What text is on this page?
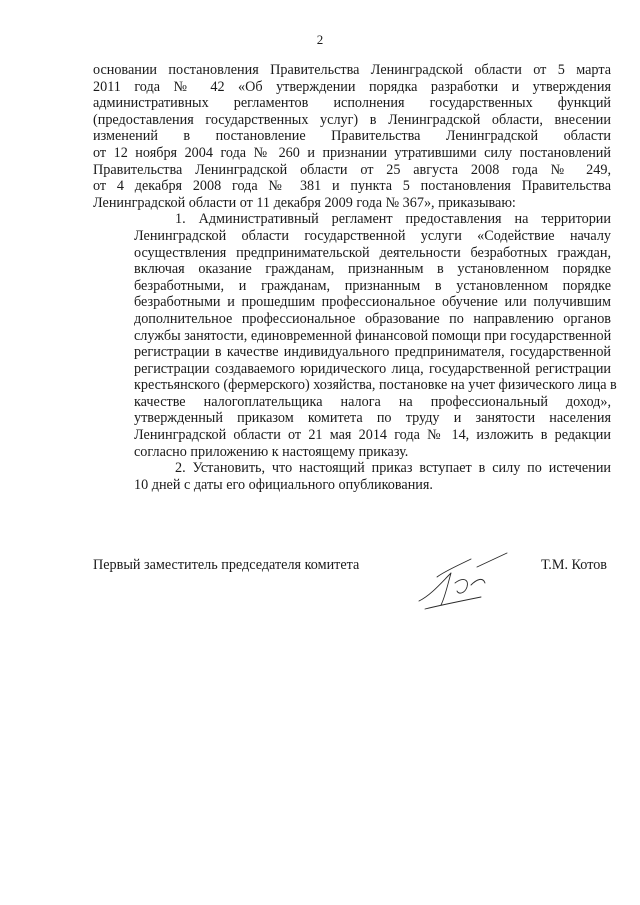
2

основании постановления Правительства Ленинградской области от 5 марта
2011 года № 42 «Об утверждении порядка разработки и утверждения
административных регламентов исполнения государственных функций
(предоставления государственных услуг) в Ленинградской области, внесении
изменений в постановление Правительства Ленинградской области
от 12 ноября 2004 года № 260 и признании утратившими силу постановлений
Правительства Ленинградской области от 25 августа 2008 года № 249,
от 4 декабря 2008 года № 381 и пункта 5 постановления Правительства
Ленинградской области от 11 декабря 2009 года № 367», приказываю:

1. Административный регламент предоставления на территории
Ленинградской области государственной услуги «Содействие началу
осуществления предпринимательской деятельности безработных граждан,
включая оказание гражданам, признанным в установленном порядке
безработными, и гражданам, признанным в установленном порядке
безработными и прошедшим профессиональное обучение или получившим
дополнительное профессиональное образование по направлению органов
службы занятости, единовременной финансовой помощи при государственной
регистрации в качестве индивидуального предпринимателя, государственной
регистрации создаваемого юридического лица, государственной регистрации
крестьянского (фермерского) хозяйства, постановке на учет физического лица в
качестве налогоплательщика налога на профессиональный доход»,
утвержденный приказом комитета по труду и занятости населения
Ленинградской области от 21 мая 2014 года № 14, изложить в редакции
согласно приложению к настоящему приказу.

2. Установить, что настоящий приказ вступает в силу по истечении
10 дней с даты его официального опубликования.

Первый заместитель председателя комитета	Т.М. Котов
